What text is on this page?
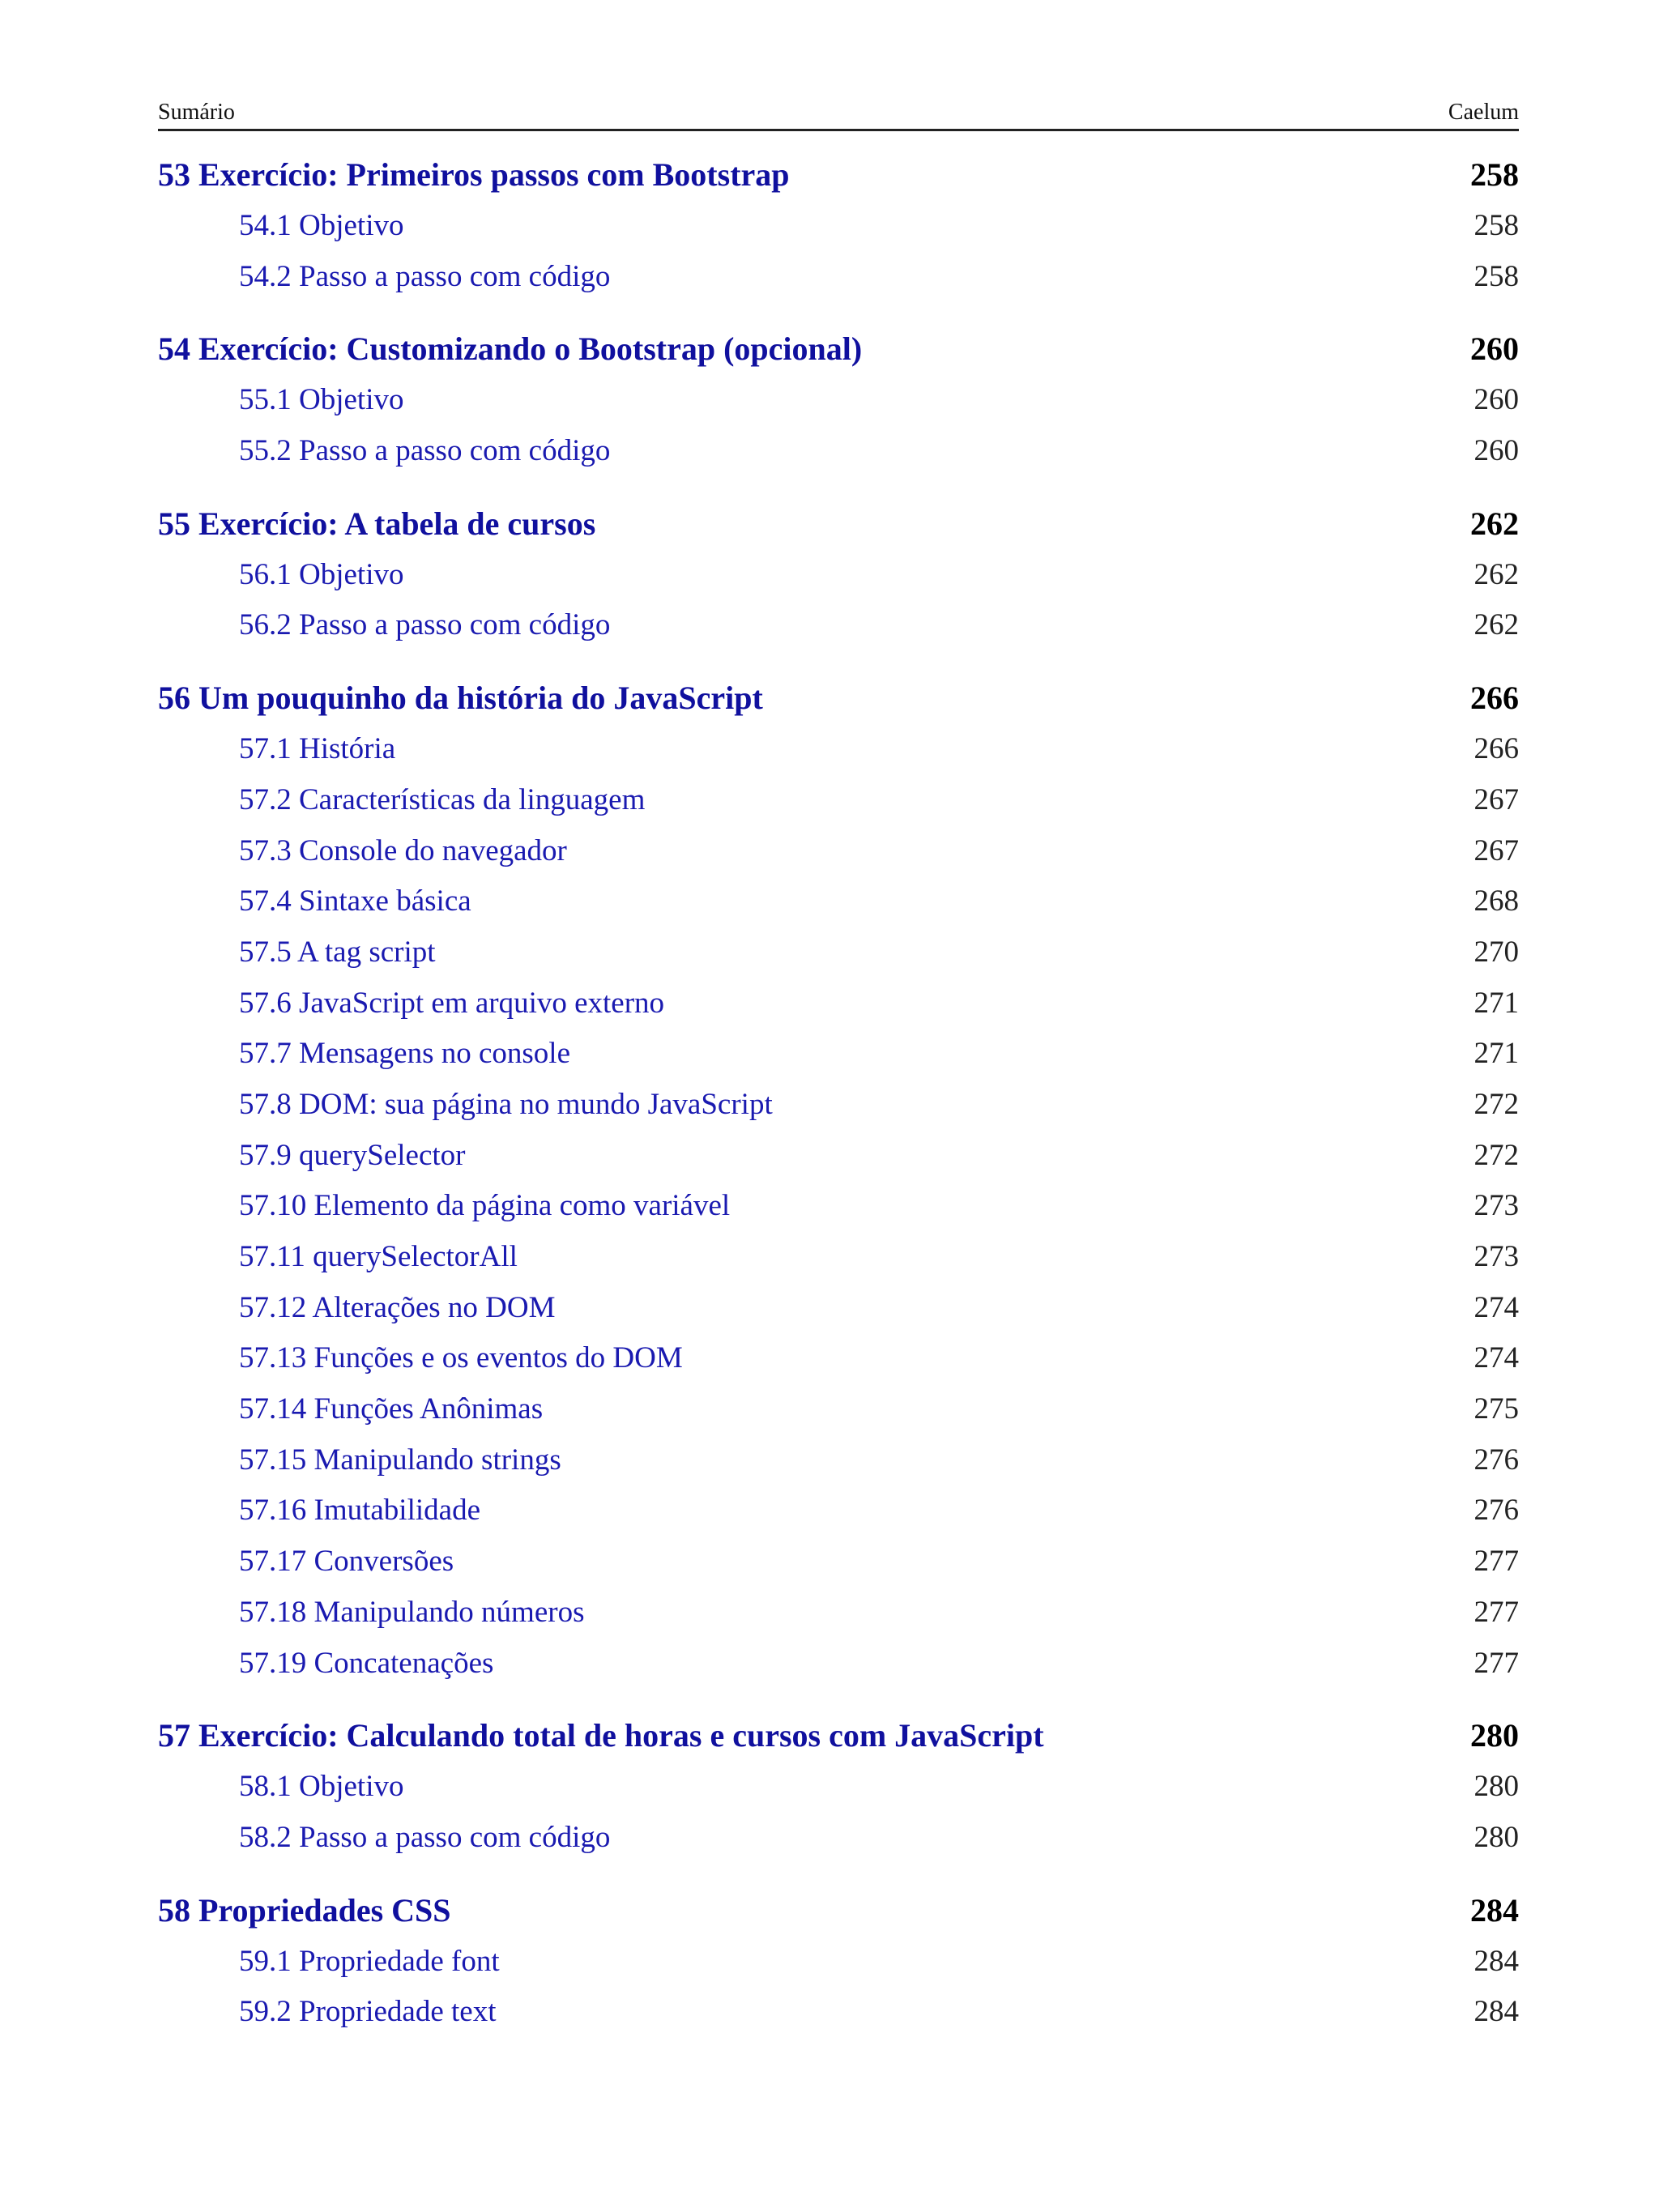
Sumário	Caelum
53 Exercício: Primeiros passos com Bootstrap	258
54.1 Objetivo	258
54.2 Passo a passo com código	258
54 Exercício: Customizando o Bootstrap (opcional)	260
55.1 Objetivo	260
55.2 Passo a passo com código	260
55 Exercício: A tabela de cursos	262
56.1 Objetivo	262
56.2 Passo a passo com código	262
56 Um pouquinho da história do JavaScript	266
57.1 História	266
57.2 Características da linguagem	267
57.3 Console do navegador	267
57.4 Sintaxe básica	268
57.5 A tag script	270
57.6 JavaScript em arquivo externo	271
57.7 Mensagens no console	271
57.8 DOM: sua página no mundo JavaScript	272
57.9 querySelector	272
57.10 Elemento da página como variável	273
57.11 querySelectorAll	273
57.12 Alterações no DOM	274
57.13 Funções e os eventos do DOM	274
57.14 Funções Anônimas	275
57.15 Manipulando strings	276
57.16 Imutabilidade	276
57.17 Conversões	277
57.18 Manipulando números	277
57.19 Concatenações	277
57 Exercício: Calculando total de horas e cursos com JavaScript	280
58.1 Objetivo	280
58.2 Passo a passo com código	280
58 Propriedades CSS	284
59.1 Propriedade font	284
59.2 Propriedade text	284
